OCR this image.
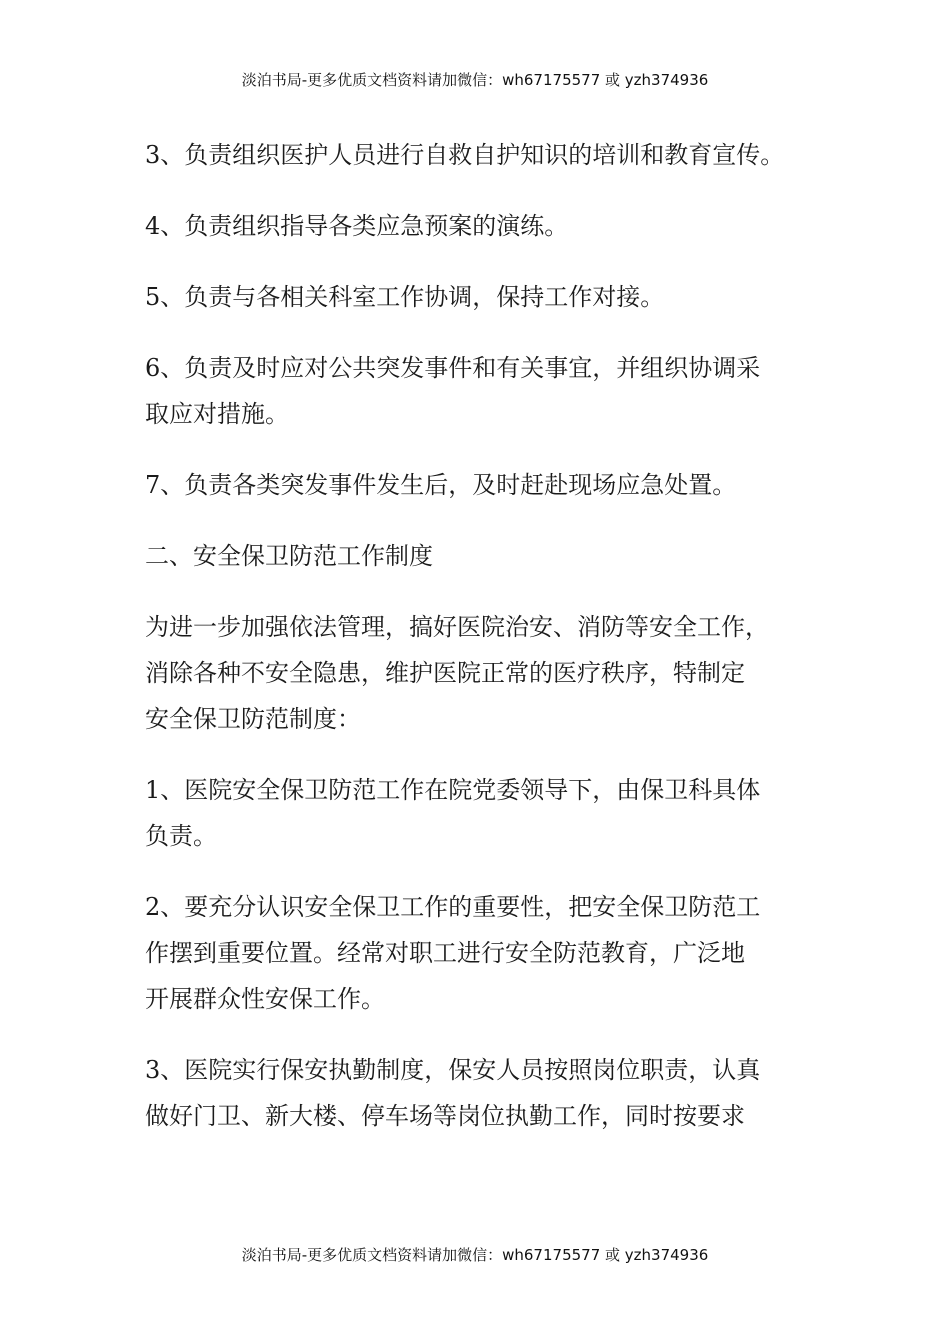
淡泊书局-更多优质文档资料请加微信：wh67175577 或 yzh374936

3、负责组织医护人员进行自救自护知识的培训和教育宣传。

4、负责组织指导各类应急预案的演练。

5、负责与各相关科室工作协调，保持工作对接。

6、负责及时应对公共突发事件和有关事宜，并组织协调采
取应对措施。

7、负责各类突发事件发生后，及时赶赴现场应急处置。

二、安全保卫防范工作制度

为进一步加强依法管理，搞好医院治安、消防等安全工作，
消除各种不安全隐患，维护医院正常的医疗秩序，特制定
安全保卫防范制度：

1、医院安全保卫防范工作在院党委领导下，由保卫科具体
负责。

2、要充分认识安全保卫工作的重要性，把安全保卫防范工
作摆到重要位置。经常对职工进行安全防范教育，广泛地
开展群众性安保工作。

3、医院实行保安执勤制度，保安人员按照岗位职责，认真
做好门卫、新大楼、停车场等岗位执勤工作，同时按要求

淡泊书局-更多优质文档资料请加微信：wh67175577 或 yzh374936
